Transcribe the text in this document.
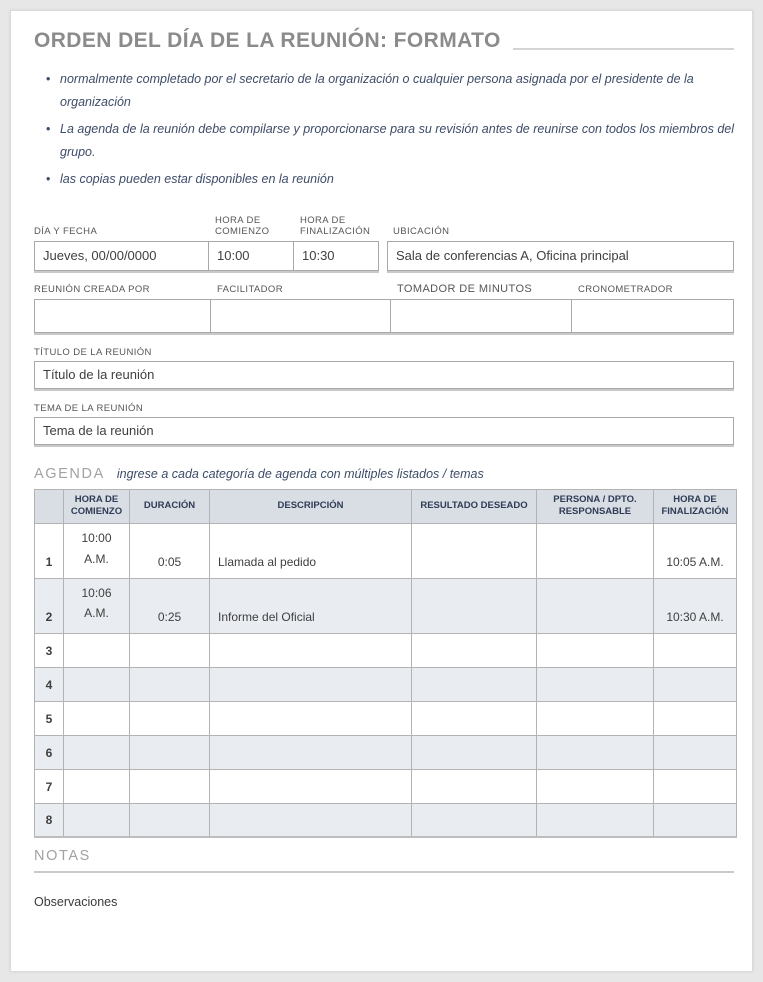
ORDEN DEL DÍA DE LA REUNIÓN: FORMATO
• normalmente completado por el secretario de la organización o cualquier persona asignada por el presidente de la organización
• La agenda de la reunión debe compilarse y proporcionarse para su revisión antes de reunirse con todos los miembros del grupo.
• las copias pueden estar disponibles en la reunión
DÍA Y FECHA
Jueves, 00/00/0000
HORA DE COMIENZO
10:00
HORA DE FINALIZACIÓN
10:30
UBICACIÓN
Sala de conferencias A, Oficina principal
REUNIÓN CREADA POR	FACILITADOR	TOMADOR DE MINUTOS	CRONOMETRADOR
TÍTULO DE LA REUNIÓN
Título de la reunión
TEMA DE LA REUNIÓN
Tema de la reunión
AGENDA ingrese a cada categoría de agenda con múltiples listados / temas
	HORA DE COMIENZO	DURACIÓN	DESCRIPCIÓN	RESULTADO DESEADO	PERSONA / DPTO. RESPONSABLE	HORA DE FINALIZACIÓN
1	10:00 A.M.	0:05	Llamada al pedido			10:05 A.M.
2	10:06 A.M.	0:25	Informe del Oficial			10:30 A.M.
3						
4						
5						
6						
7						
8						
NOTAS
Observaciones
